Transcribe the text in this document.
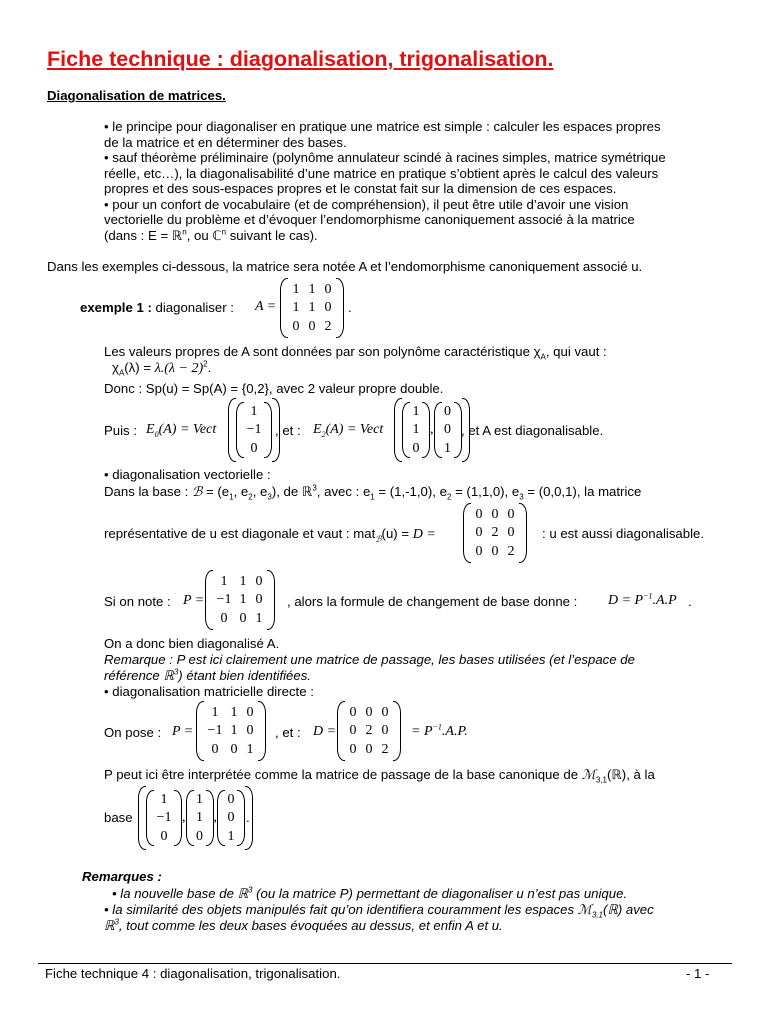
Fiche technique : diagonalisation, trigonalisation.
Diagonalisation de matrices.
• le principe pour diagonaliser en pratique une matrice est simple : calculer les espaces propres
de la matrice et en déterminer des bases.
• sauf théorème préliminaire (polynôme annulateur scindé à racines simples, matrice symétrique
réelle, etc…), la diagonalisabilité d’une matrice en pratique s’obtient après le calcul des valeurs
propres et des sous-espaces propres et le constat fait sur la dimension de ces espaces.
• pour un confort de vocabulaire (et de compréhension), il peut être utile d’avoir une vision
vectorielle du problème et d’évoquer l’endomorphisme canoniquement associé à la matrice
(dans : E = ℝ$^n$, ou ℂ$^n$ suivant le cas).
Dans les exemples ci-dessous, la matrice sera notée A et l’endomorphisme canoniquement associé u.
exemple 1 : diagonaliser : A =
1 1 0
1 1 0
0 0 2
.
Les valeurs propres de A sont données par son polynôme caractéristique $\chi_A$, qui vaut :
$\chi_A(\lambda) = \lambda.(\lambda - 2)^2$.
Donc : Sp(u) = Sp(A) = {0,2}, avec 2 valeur propre double.
Puis : $E_0(A)$ = Vect
1
−1
0
, et : $E_2(A)$ = Vect
1
1
0
,
0
0
1
, et A est diagonalisable.
• diagonalisation vectorielle :
Dans la base : ℬ = ($e_1$, $e_2$, $e_3$), de ℝ$^3$, avec : $e_1 = (1,-1,0)$, $e_2 = (1,1,0)$, $e_3 = (0,0,1)$, la matrice
représentative de u est diagonale et vaut : mat$_ℬ$(u) = D =
0 0 0
0 2 0
0 0 2
: u est aussi diagonalisable.
Si on note : P =
1 1 0
−1 1 0
0 0 1
, alors la formule de changement de base donne : $D = P^{-1}.A.P$ .
On a donc bien diagonalisé A.
Remarque : P est ici clairement une matrice de passage, les bases utilisées (et l’espace de
référence ℝ$^3$) étant bien identifiées.
• diagonalisation matricielle directe :
On pose : P =
1 1 0
−1 1 0
0 0 1
, et : D =
0 0 0
0 2 0
0 0 2
= $P^{-1}.A.P$.
P peut ici être interprétée comme la matrice de passage de la base canonique de ℳ$_{3,1}$(ℝ), à la
base
1
−1
0
,
1
1
0
,
0
0
1
.
Remarques :
• la nouvelle base de ℝ$^3$ (ou la matrice P) permettant de diagonaliser u n’est pas unique.
• la similarité des objets manipulés fait qu’on identifiera couramment les espaces ℳ$_{3,1}$(ℝ) avec
ℝ$^3$, tout comme les deux bases évoquées au dessus, et enfin A et u.
Fiche technique 4 : diagonalisation, trigonalisation.	- 1 -
